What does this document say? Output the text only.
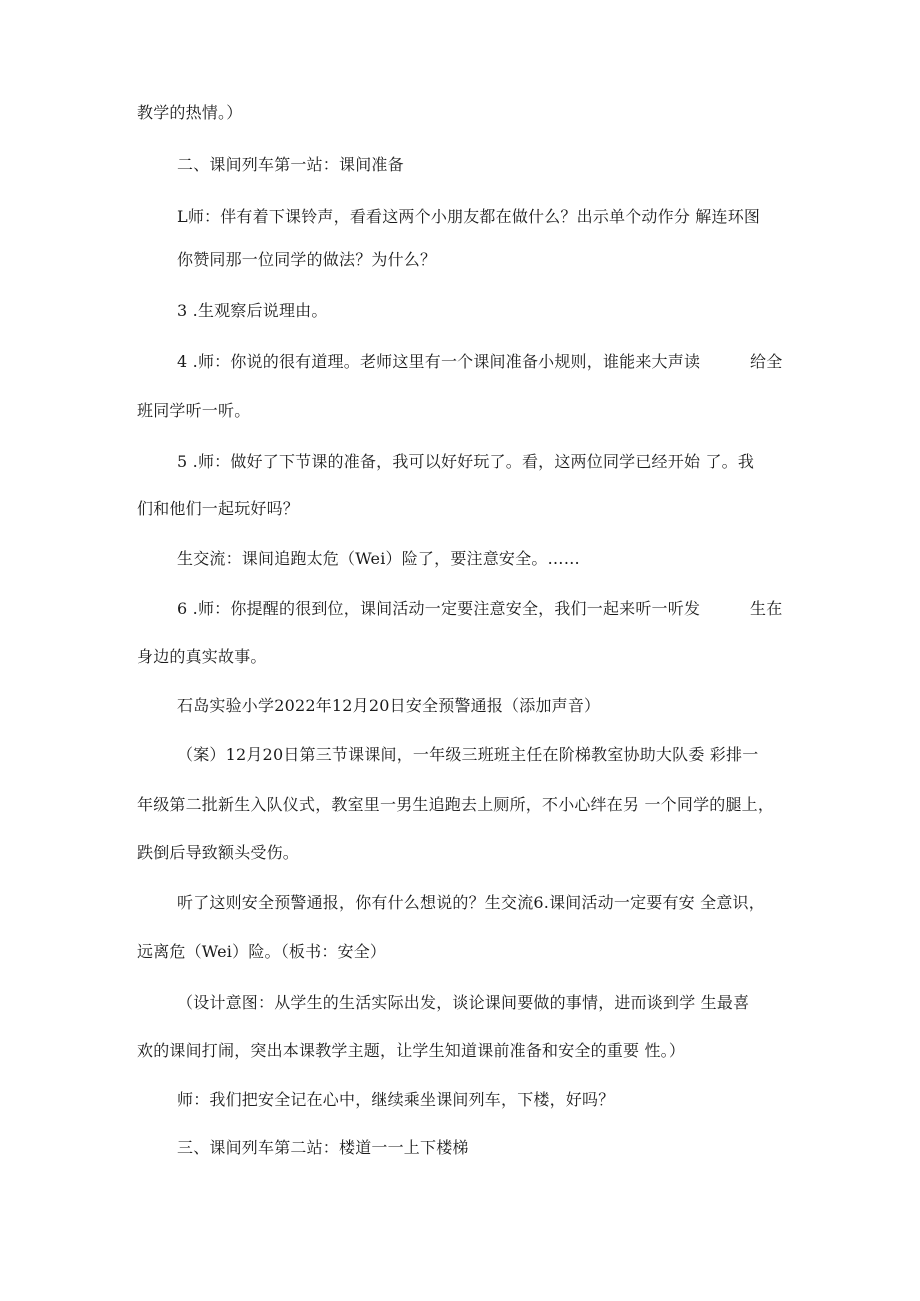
教学的热情。）
二、课间列车第一站：课间准备
L师：伴有着下课铃声，看看这两个小朋友都在做什么？出示单个动作分 解连环图
你赞同那一位同学的做法？为什么？
3 .生观察后说理由。
4 .师：你说的很有道理。老师这里有一个课间准备小规则，谁能来大声读	给全
班同学听一听。
5 .师：做好了下节课的准备，我可以好好玩了。看，这两位同学已经开始 了。我
们和他们一起玩好吗？
生交流：课间追跑太危（Wei）险了，要注意安全。……
6 .师：你提醒的很到位，课间活动一定要注意安全，我们一起来听一听发	生在
身边的真实故事。
石岛实验小学2022年12月20日安全预警通报（添加声音）
（案）12月20日第三节课课间，一年级三班班主任在阶梯教室协助大队委 彩排一
年级第二批新生入队仪式，教室里一男生追跑去上厕所，不小心绊在另 一个同学的腿上，
跌倒后导致额头受伤。
听了这则安全预警通报，你有什么想说的？生交流6.课间活动一定要有安 全意识，
远离危（Wei）险。（板书：安全）
（设计意图：从学生的生活实际出发，谈论课间要做的事情，进而谈到学 生最喜
欢的课间打闹，突出本课教学主题，让学生知道课前准备和安全的重要 性。）
师：我们把安全记在心中，继续乘坐课间列车，下楼，好吗？
三、课间列车第二站：楼道一一上下楼梯
